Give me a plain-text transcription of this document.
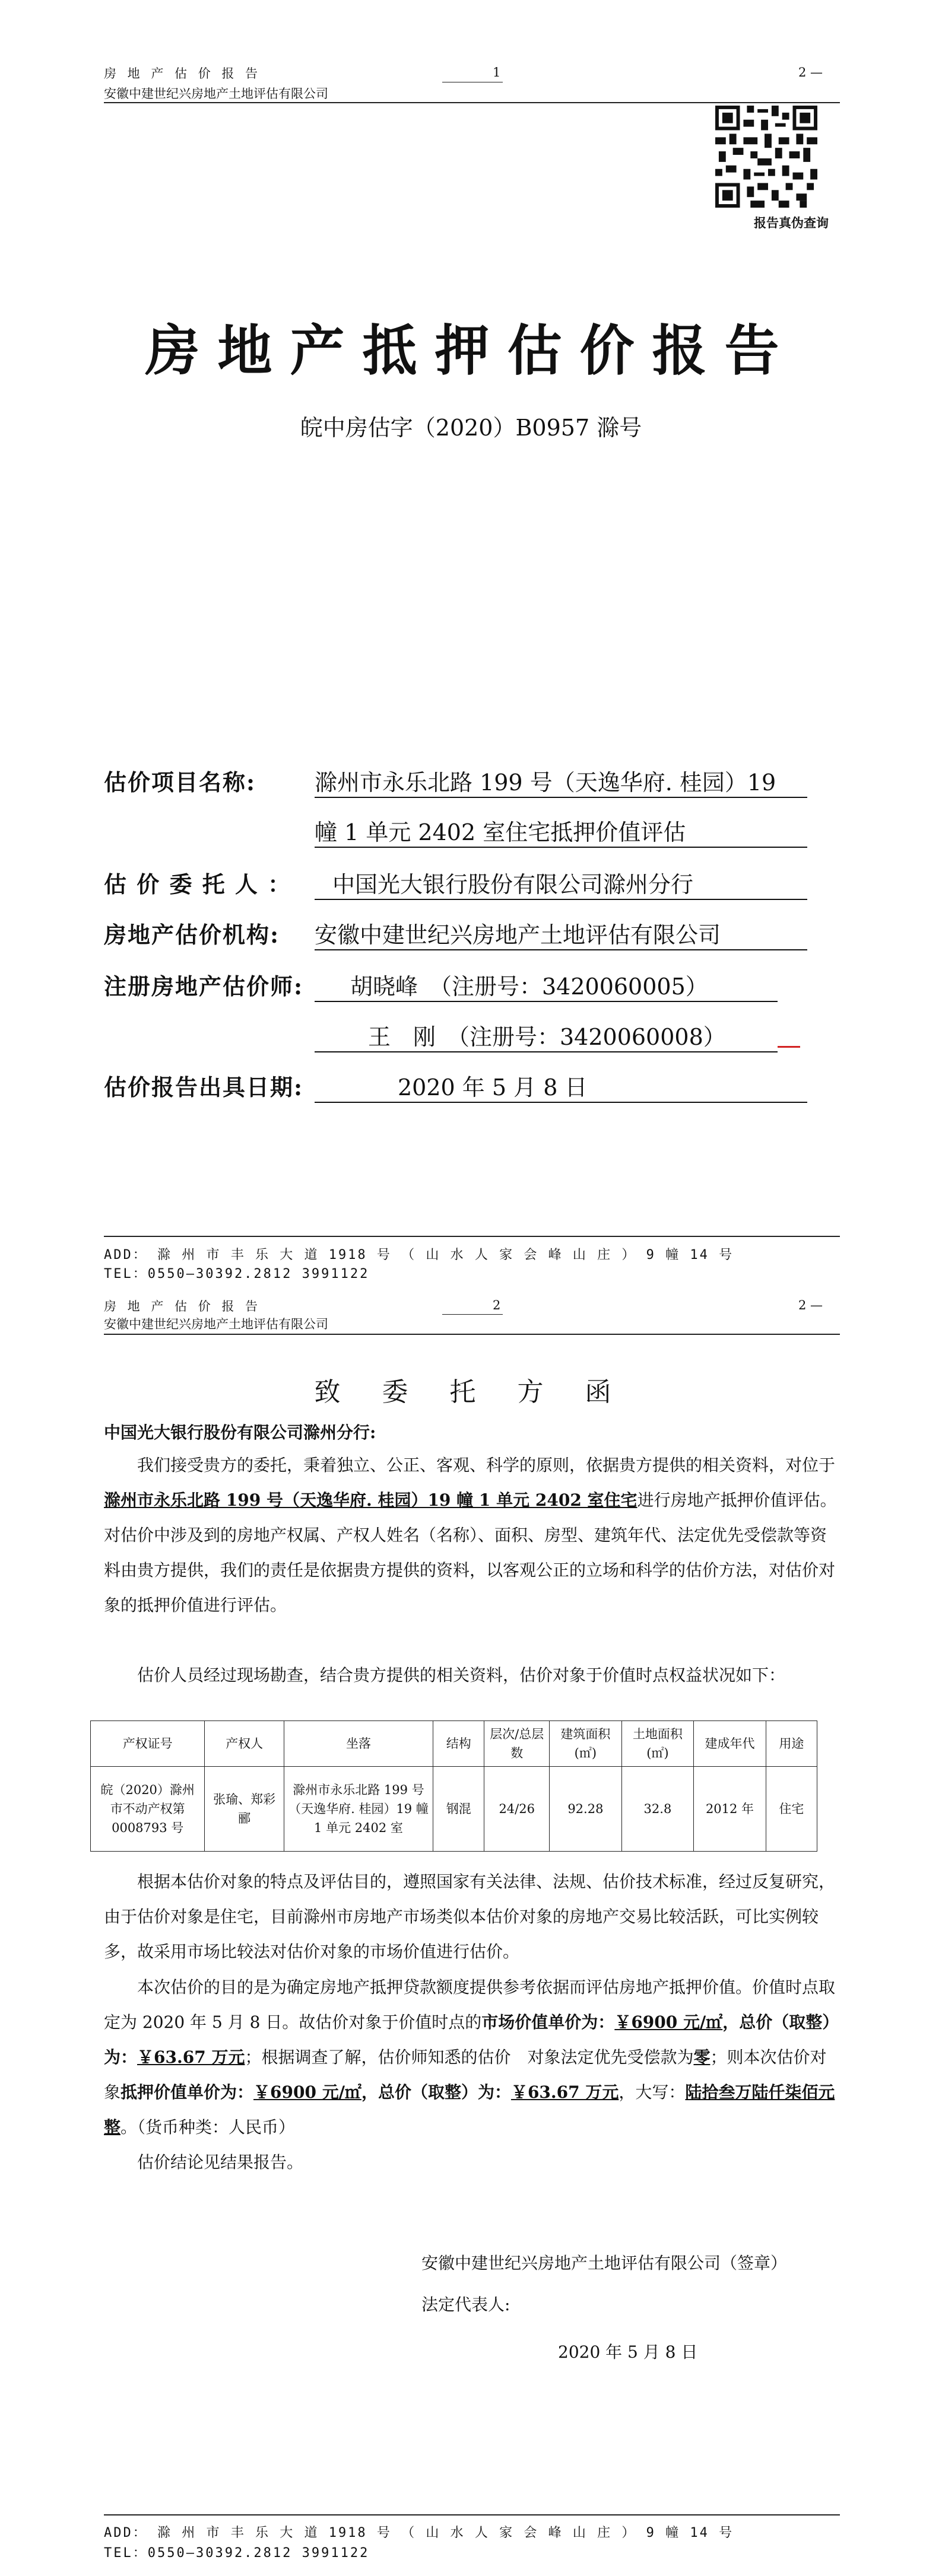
房 地 产 估 价 报 告
安徽中建世纪兴房地产土地评估有限公司
1	2 —
报告真伪查询
房地产抵押估价报告
皖中房估字（2020）B0957 滁号
估价项目名称:	滁州市永乐北路 199 号（天逸华府. 桂园）19
幢 1 单元 2402 室住宅抵押价值评估
估 价 委 托 人 ：	中国光大银行股份有限公司滁州分行
房地产估价机构: 安徽中建世纪兴房地产土地评估有限公司
注册房地产估价师:	胡晓峰　（注册号：3420060005）
王　刚　（注册号：3420060008）
估价报告出具日期:	2020 年 5 月 8 日
ADD： 滁 州 市 丰 乐 大 道 1918 号 （ 山 水 人 家 会 峰 山 庄 ） 9 幢 14 号
TEL：0550—30392.2812 3991122
房 地 产 估 价 报 告
安徽中建世纪兴房地产土地评估有限公司
2	2 —
致 委 托 方 函
中国光大银行股份有限公司滁州分行:
我们接受贵方的委托，秉着独立、公正、客观、科学的原则，依据贵方提供的相关资料，对位于滁州市永乐北路 199 号（天逸华府. 桂园）19 幢 1 单元 2402 室住宅进行房地产抵押价值评估。对估价中涉及到的房地产权属、产权人姓名（名称）、面积、房型、建筑年代、法定优先受偿款等资料由贵方提供，我们的责任是依据贵方提供的资料，以客观公正的立场和科学的估价方法，对估价对象的抵押价值进行评估。
估价人员经过现场勘查，结合贵方提供的相关资料，估价对象于价值时点权益状况如下：
产权证号	产权人	坐落	结构	层次/总层数	建筑面积(㎡)	土地面积(㎡)	建成年代	用途
皖（2020）滁州市不动产权第 0008793 号	张瑜、郑彩郦	滁州市永乐北路 199 号（天逸华府. 桂园）19 幢 1 单元 2402 室	钢混	24/26	92.28	32.8	2012 年	住宅
根据本估价对象的特点及评估目的，遵照国家有关法律、法规、估价技术标准，经过反复研究，由于估价对象是住宅，目前滁州市房地产市场类似本估价对象的房地产交易比较活跃，可比实例较多，故采用市场比较法对估价对象的市场价值进行估价。
本次估价的目的是为确定房地产抵押贷款额度提供参考依据而评估房地产抵押价值。价值时点取定为 2020 年 5 月 8 日。故估价对象于价值时点的市场价值单价为：￥6900 元/㎡，总价（取整）为：￥63.67 万元；根据调查了解，估价师知悉的估价　对象法定优先受偿款为零；则本次估价对象抵押价值单价为：￥6900 元/㎡，总价（取整）为：￥63.67 万元，大写：陆拾叁万陆仟柒佰元整。（货币种类：人民币）
估价结论见结果报告。
安徽中建世纪兴房地产土地评估有限公司（签章）
法定代表人:
2020 年 5 月 8 日
ADD： 滁 州 市 丰 乐 大 道 1918 号 （ 山 水 人 家 会 峰 山 庄 ） 9 幢 14 号
TEL：0550—30392.2812 3991122
